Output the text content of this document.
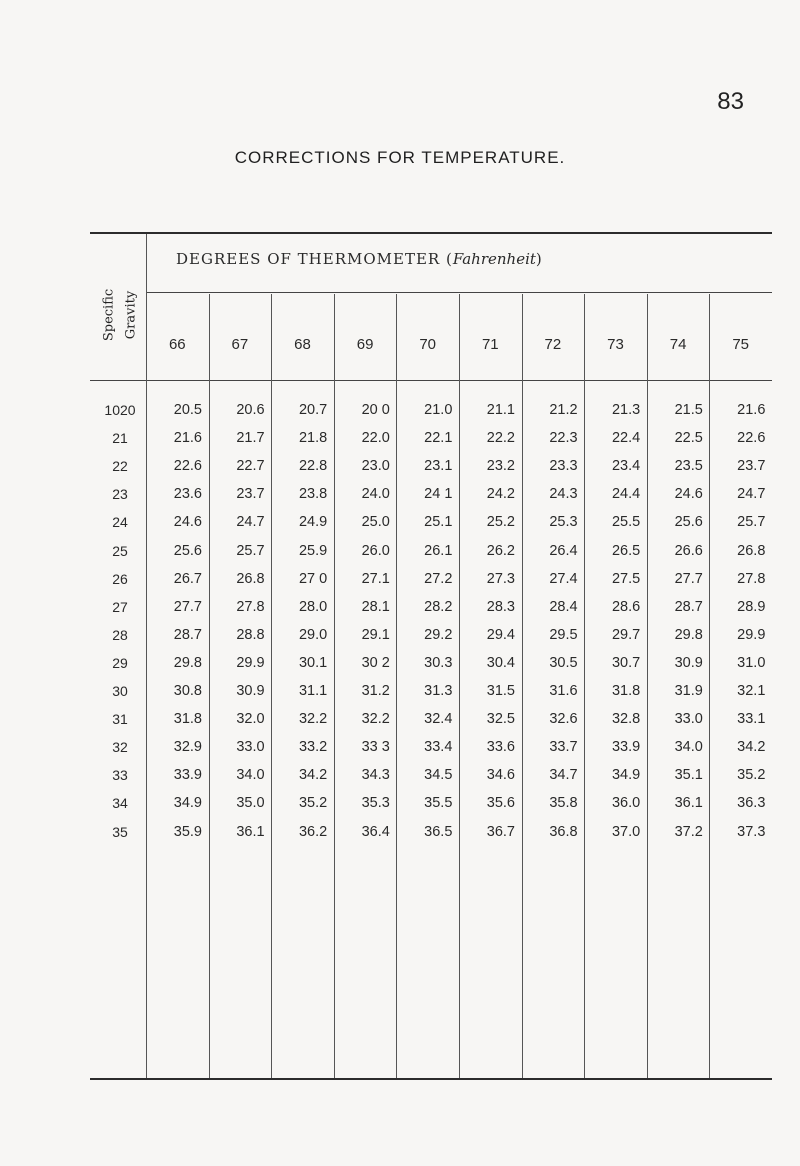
83
CORRECTIONS FOR TEMPERATURE.
Specific Gravity
DEGREES OF THERMOMETER (Fahrenheit)
66	67	68	69	70	71	72	73	74	75
1020	20.5	20.6	20.7	20 0	21.0	21.1	21.2	21.3	21.5	21.6
21	21.6	21.7	21.8	22.0	22.1	22.2	22.3	22.4	22.5	22.6
22	22.6	22.7	22.8	23.0	23.1	23.2	23.3	23.4	23.5	23.7
23	23.6	23.7	23.8	24.0	24 1	24.2	24.3	24.4	24.6	24.7
24	24.6	24.7	24.9	25.0	25.1	25.2	25.3	25.5	25.6	25.7
25	25.6	25.7	25.9	26.0	26.1	26.2	26.4	26.5	26.6	26.8
26	26.7	26.8	27 0	27.1	27.2	27.3	27.4	27.5	27.7	27.8
27	27.7	27.8	28.0	28.1	28.2	28.3	28.4	28.6	28.7	28.9
28	28.7	28.8	29.0	29.1	29.2	29.4	29.5	29.7	29.8	29.9
29	29.8	29.9	30.1	30 2	30.3	30.4	30.5	30.7	30.9	31.0
30	30.8	30.9	31.1	31.2	31.3	31.5	31.6	31.8	31.9	32.1
31	31.8	32.0	32.2	32.2	32.4	32.5	32.6	32.8	33.0	33.1
32	32.9	33.0	33.2	33 3	33.4	33.6	33.7	33.9	34.0	34.2
33	33.9	34.0	34.2	34.3	34.5	34.6	34.7	34.9	35.1	35.2
34	34.9	35.0	35.2	35.3	35.5	35.6	35.8	36.0	36.1	36.3
35	35.9	36.1	36.2	36.4	36.5	36.7	36.8	37.0	37.2	37.3
